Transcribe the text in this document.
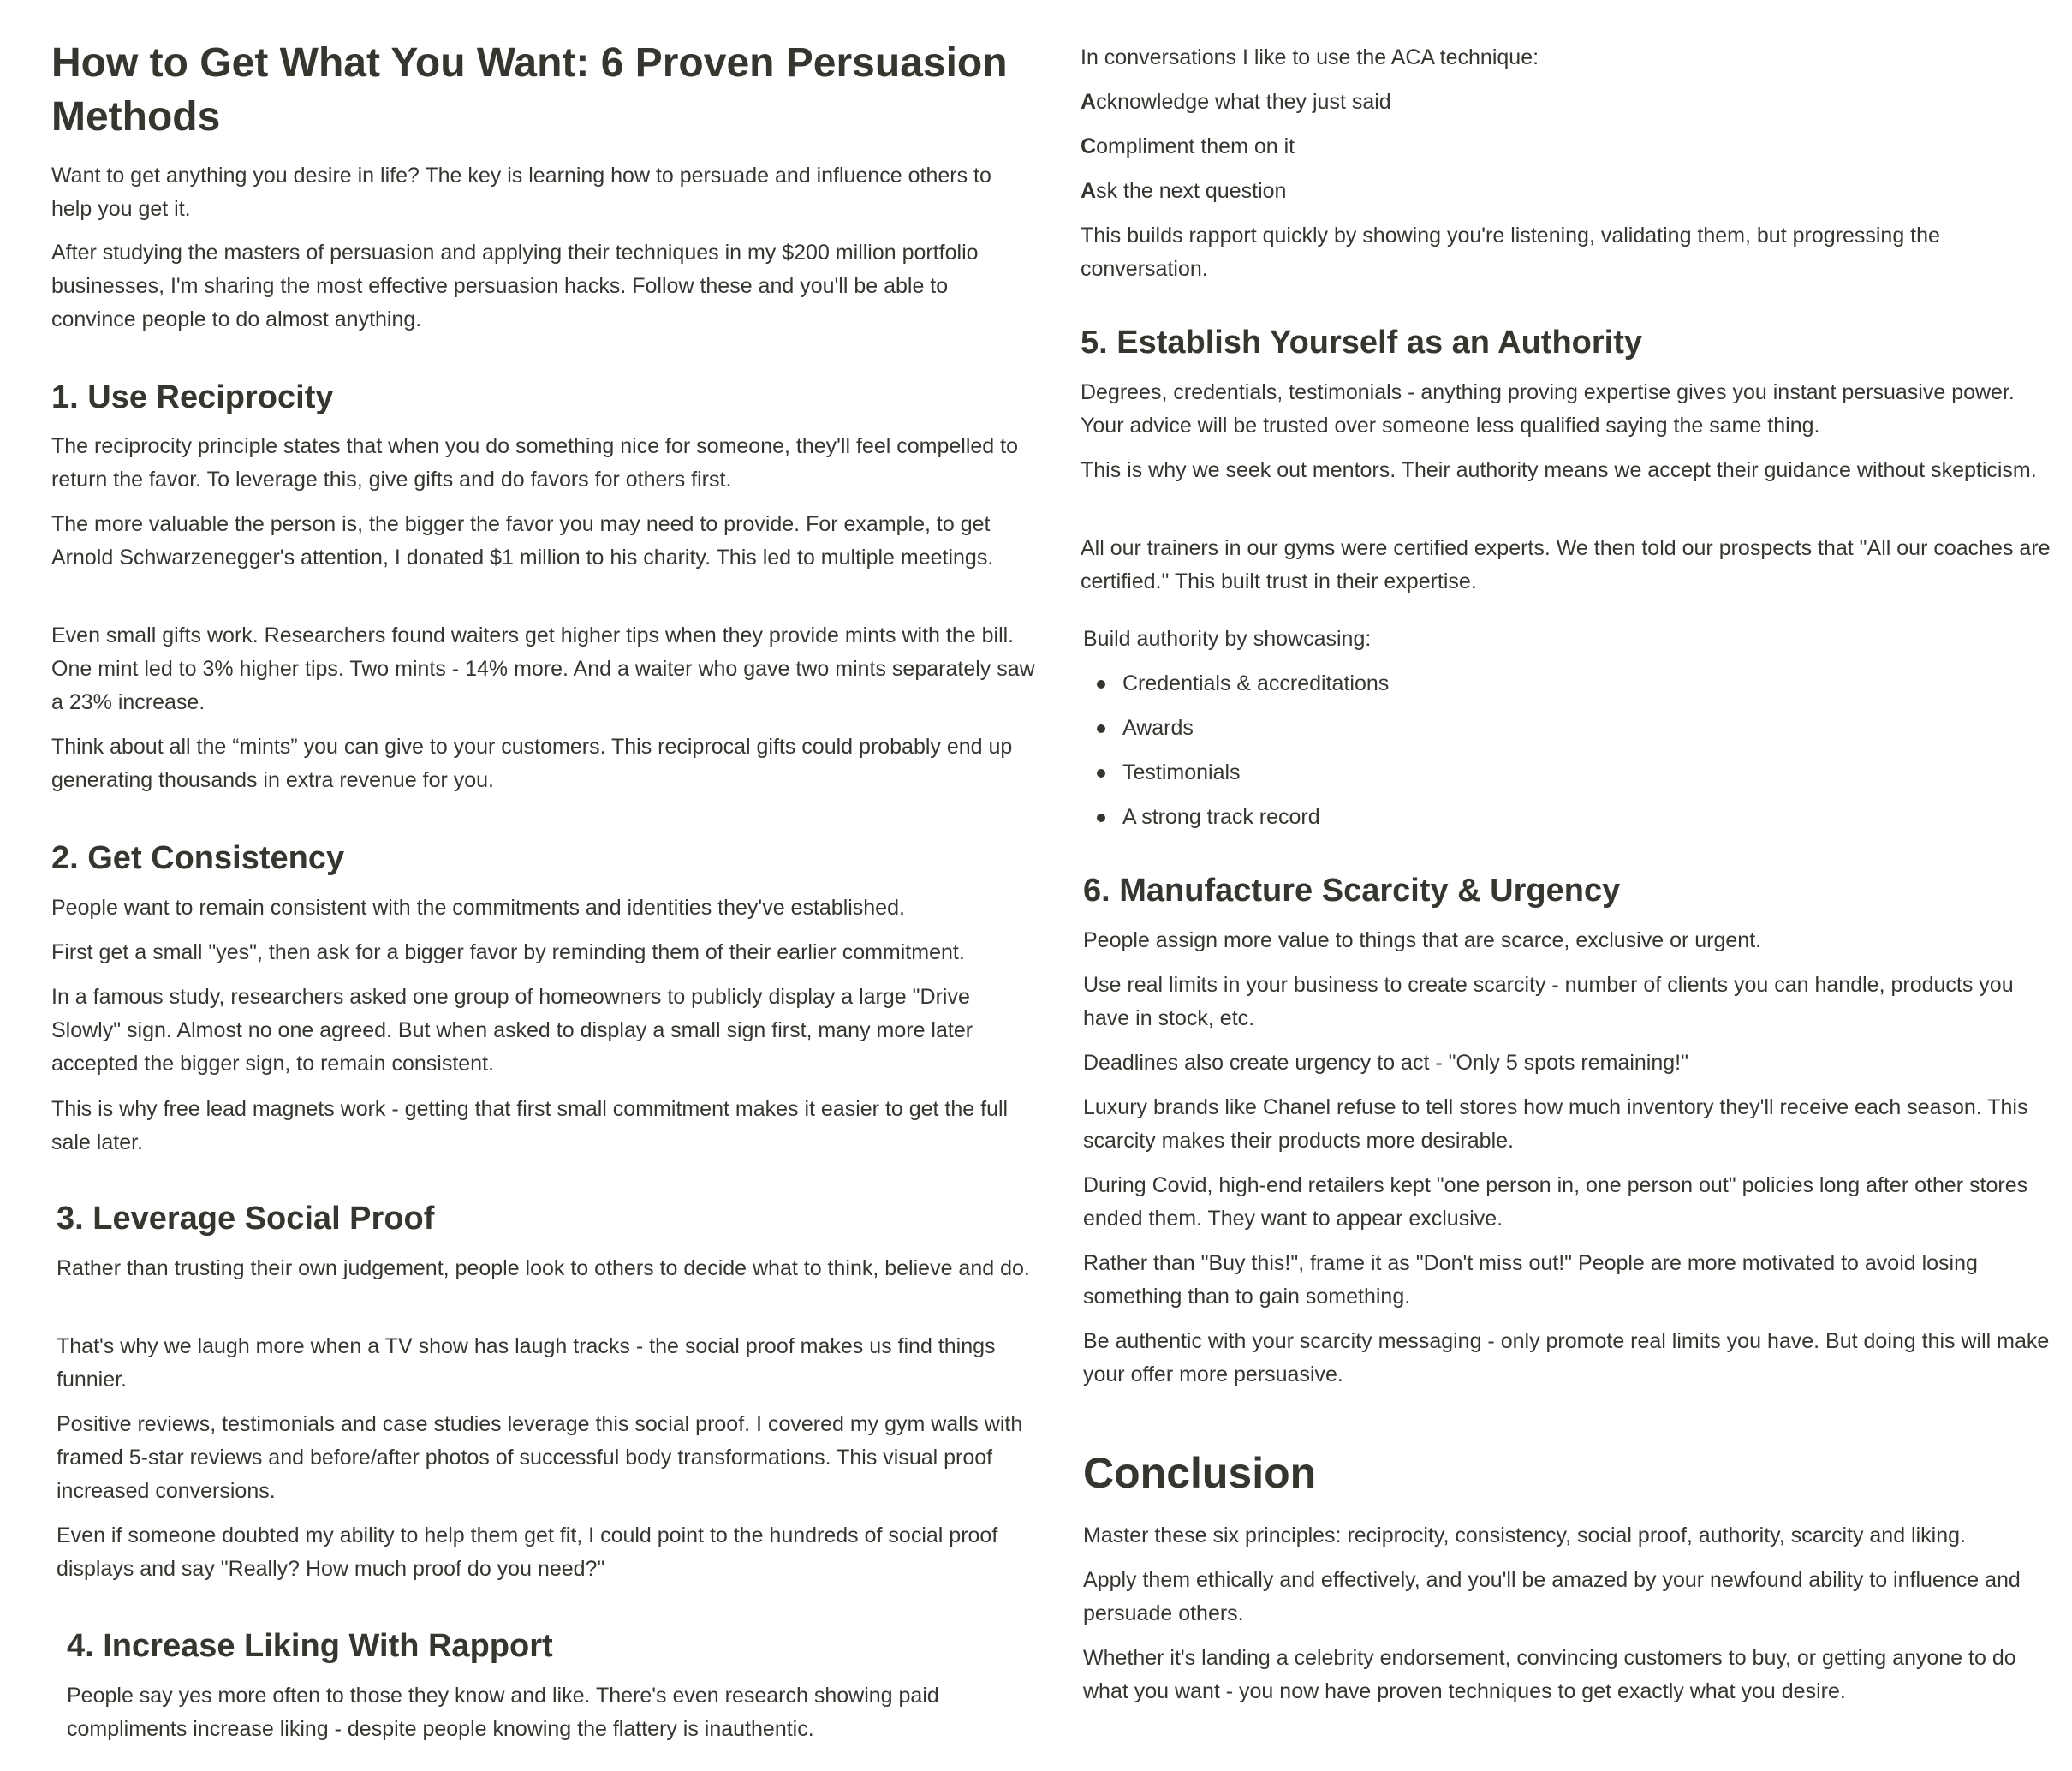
How to Get What You Want: 6 Proven Persuasion Methods

Want to get anything you desire in life? The key is learning how to persuade and influence others to help you get it.

After studying the masters of persuasion and applying their techniques in my $200 million portfolio businesses, I'm sharing the most effective persuasion hacks. Follow these and you'll be able to convince people to do almost anything.

1. Use Reciprocity

The reciprocity principle states that when you do something nice for someone, they'll feel compelled to return the favor. To leverage this, give gifts and do favors for others first.

The more valuable the person is, the bigger the favor you may need to provide. For example, to get Arnold Schwarzenegger's attention, I donated $1 million to his charity. This led to multiple meetings.

Even small gifts work. Researchers found waiters get higher tips when they provide mints with the bill. One mint led to 3% higher tips. Two mints - 14% more. And a waiter who gave two mints separately saw a 23% increase.

Think about all the “mints” you can give to your customers. This reciprocal gifts could probably end up generating thousands in extra revenue for you.

2. Get Consistency

People want to remain consistent with the commitments and identities they've established.

First get a small "yes", then ask for a bigger favor by reminding them of their earlier commitment.

In a famous study, researchers asked one group of homeowners to publicly display a large "Drive Slowly" sign. Almost no one agreed. But when asked to display a small sign first, many more later accepted the bigger sign, to remain consistent.

This is why free lead magnets work - getting that first small commitment makes it easier to get the full sale later.

3. Leverage Social Proof

Rather than trusting their own judgement, people look to others to decide what to think, believe and do.

That's why we laugh more when a TV show has laugh tracks - the social proof makes us find things funnier.

Positive reviews, testimonials and case studies leverage this social proof. I covered my gym walls with framed 5-star reviews and before/after photos of successful body transformations. This visual proof increased conversions.

Even if someone doubted my ability to help them get fit, I could point to the hundreds of social proof displays and say "Really? How much proof do you need?"

4. Increase Liking With Rapport

People say yes more often to those they know and like. There's even research showing paid compliments increase liking - despite people knowing the flattery is inauthentic.

In conversations I like to use the ACA technique:

Acknowledge what they just said

Compliment them on it

Ask the next question

This builds rapport quickly by showing you're listening, validating them, but progressing the conversation.

5. Establish Yourself as an Authority

Degrees, credentials, testimonials - anything proving expertise gives you instant persuasive power. Your advice will be trusted over someone less qualified saying the same thing.

This is why we seek out mentors. Their authority means we accept their guidance without skepticism.

All our trainers in our gyms were certified experts. We then told our prospects that "All our coaches are certified." This built trust in their expertise.

Build authority by showcasing:

Credentials & accreditations
Awards
Testimonials
A strong track record
6. Manufacture Scarcity & Urgency

People assign more value to things that are scarce, exclusive or urgent.

Use real limits in your business to create scarcity - number of clients you can handle, products you have in stock, etc.

Deadlines also create urgency to act - "Only 5 spots remaining!"

Luxury brands like Chanel refuse to tell stores how much inventory they'll receive each season. This scarcity makes their products more desirable.

During Covid, high-end retailers kept "one person in, one person out" policies long after other stores ended them. They want to appear exclusive.

Rather than "Buy this!", frame it as "Don't miss out!" People are more motivated to avoid losing something than to gain something.

Be authentic with your scarcity messaging - only promote real limits you have. But doing this will make your offer more persuasive.

Conclusion

Master these six principles: reciprocity, consistency, social proof, authority, scarcity and liking.

Apply them ethically and effectively, and you'll be amazed by your newfound ability to influence and persuade others.

Whether it's landing a celebrity endorsement, convincing customers to buy, or getting anyone to do what you want - you now have proven techniques to get exactly what you desire.
